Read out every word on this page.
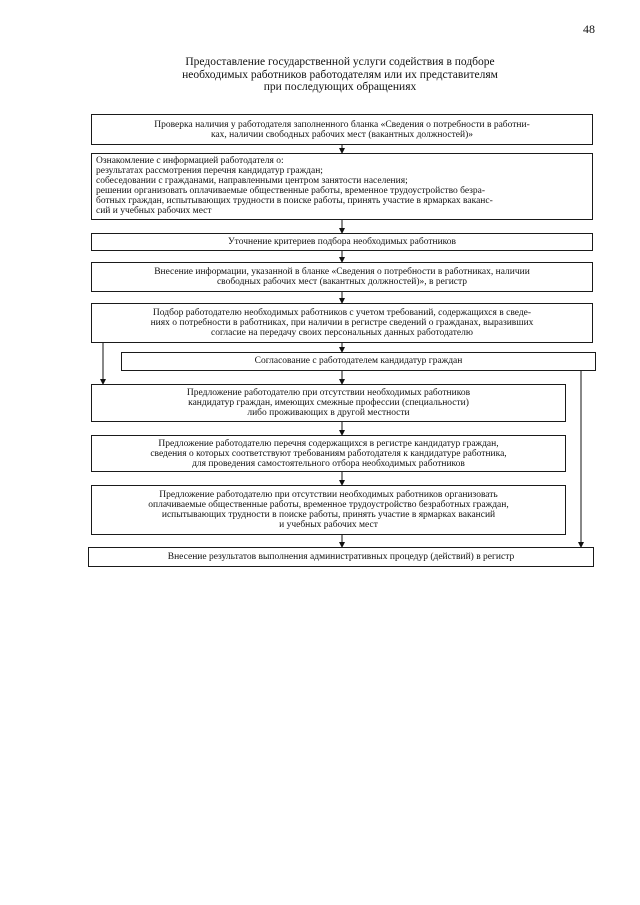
48
Предоставление государственной услуги содействия в подборе
необходимых работников работодателям или их представителям
при последующих обращениях
Проверка наличия у работодателя заполненного бланка «Сведения о потребности в работни-
ках, наличии свободных рабочих мест (вакантных должностей)»
Ознакомление с информацией работодателя о:
результатах рассмотрения перечня кандидатур граждан;
собеседовании с гражданами, направленными центром занятости населения;
решении организовать оплачиваемые общественные работы, временное трудоустройство безра-
ботных граждан, испытывающих трудности в поиске работы, принять участие в ярмарках ваканс-
сий и учебных рабочих мест
Уточнение критериев подбора необходимых работников
Внесение информации, указанной в бланке «Сведения о потребности в работниках, наличии
свободных рабочих мест (вакантных должностей)», в регистр
Подбор работодателю необходимых работников с учетом требований, содержащихся в сведе-
ниях о потребности в работниках, при наличии в регистре сведений о гражданах, выразивших
согласие на передачу своих персональных данных работодателю
Согласование с работодателем кандидатур граждан
Предложение работодателю при отсутствии необходимых работников
кандидатур граждан, имеющих смежные профессии (специальности)
либо проживающих в другой местности
Предложение работодателю перечня содержащихся в регистре кандидатур граждан,
сведения о которых соответствуют требованиям работодателя к кандидатуре работника,
для проведения самостоятельного отбора необходимых работников
Предложение работодателю при отсутствии необходимых работников организовать
оплачиваемые общественные работы, временное трудоустройство безработных граждан,
испытывающих трудности в поиске работы, принять участие в ярмарках вакансий
и учебных рабочих мест
Внесение результатов выполнения административных процедур (действий) в регистр
